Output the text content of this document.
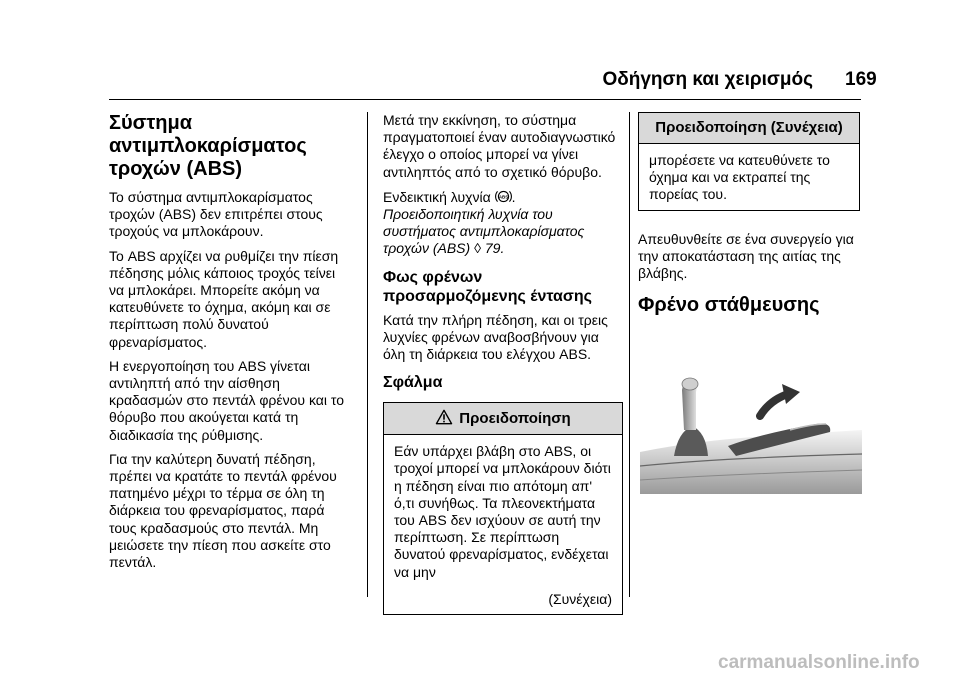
Οδήγηση και χειρισμός 169
Σύστημα αντιμπλοκαρίσματος τροχών (ABS)

Το σύστημα αντιμπλοκαρίσματος τροχών (ABS) δεν επιτρέπει στους τροχούς να μπλοκάρουν.

Το ABS αρχίζει να ρυθμίζει την πίεση πέδησης μόλις κάποιος τροχός τείνει να μπλοκάρει. Μπορείτε ακόμη να κατευθύνετε το όχημα, ακόμη και σε περίπτωση πολύ δυνατού φρεναρίσματος.

Η ενεργοποίηση του ABS γίνεται αντιληπτή από την αίσθηση κραδασμών στο πεντάλ φρένου και το θόρυβο που ακούγεται κατά τη διαδικασία της ρύθμισης.

Για την καλύτερη δυνατή πέδηση, πρέπει να κρατάτε το πεντάλ φρένου πατημένο μέχρι το τέρμα σε όλη τη διάρκεια του φρεναρίσματος, παρά τους κραδασμούς στο πεντάλ. Μη μειώσετε την πίεση που ασκείτε στο πεντάλ.

Μετά την εκκίνηση, το σύστημα πραγματοποιεί έναν αυτοδιαγνωστικό έλεγχο ο οποίος μπορεί να γίνει αντιληπτός από το σχετικό θόρυβο.

Ενδεικτική λυχνία ABS .

Προειδοποιητική λυχνία του συστήματος αντιμπλοκαρίσματος τροχών (ABS) ◊ 79.

Φως φρένων προσαρμοζόμενης έντασης

Κατά την πλήρη πέδηση, και οι τρεις λυχνίες φρένων αναβοσβήνουν για όλη τη διάρκεια του ελέγχου ABS.

Σφάλμα
Προειδοποίηση
Εάν υπάρχει βλάβη στο ABS, οι τροχοί μπορεί να μπλοκάρουν διότι η πέδηση είναι πιο απότομη απ' ό,τι συνήθως. Τα πλεονεκτήματα του ABS δεν ισχύουν σε αυτή την περίπτωση. Σε περίπτωση δυνατού φρεναρίσματος, ενδέχεται να μην
(Συνέχεια)
Προειδοποίηση (Συνέχεια)
μπορέσετε να κατευθύνετε το όχημα και να εκτραπεί της πορείας του.

Απευθυνθείτε σε ένα συνεργείο για την αποκατάσταση της αιτίας της βλάβης.

Φρένο στάθμευσης
carmanualsonline.info
